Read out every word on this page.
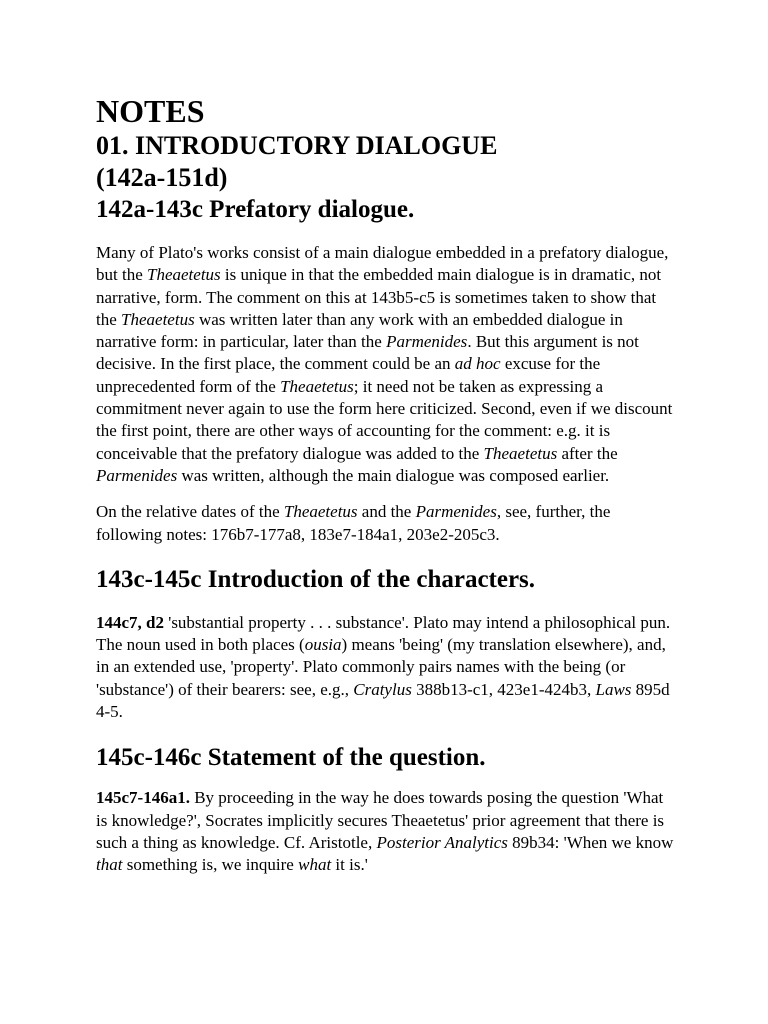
NOTES
01. INTRODUCTORY DIALOGUE
(142a-151d)
142a-143c Prefatory dialogue.

Many of Plato's works consist of a main dialogue embedded in a prefatory dialogue, but the Theaetetus is unique in that the embedded main dialogue is in dramatic, not narrative, form. The comment on this at 143b5-c5 is sometimes taken to show that the Theaetetus was written later than any work with an embedded dialogue in narrative form: in particular, later than the Parmenides. But this argument is not decisive. In the first place, the comment could be an ad hoc excuse for the unprecedented form of the Theaetetus; it need not be taken as expressing a commitment never again to use the form here criticized. Second, even if we discount the first point, there are other ways of accounting for the comment: e.g. it is conceivable that the prefatory dialogue was added to the Theaetetus after the Parmenides was written, although the main dialogue was composed earlier.

On the relative dates of the Theaetetus and the Parmenides, see, further, the following notes: 176b7-177a8, 183e7-184a1, 203e2-205c3.

143c-145c Introduction of the characters.

144c7, d2 'substantial property . . . substance'. Plato may intend a philosophical pun. The noun used in both places (ousia) means 'being' (my translation elsewhere), and, in an extended use, 'property'. Plato commonly pairs names with the being (or 'substance') of their bearers: see, e.g., Cratylus 388b13-c1, 423e1-424b3, Laws 895d 4-5.

145c-146c Statement of the question.

145c7-146a1. By proceeding in the way he does towards posing the question 'What is knowledge?', Socrates implicitly secures Theaetetus' prior agreement that there is such a thing as knowledge. Cf. Aristotle, Posterior Analytics 89b34: 'When we know that something is, we inquire what it is.'
